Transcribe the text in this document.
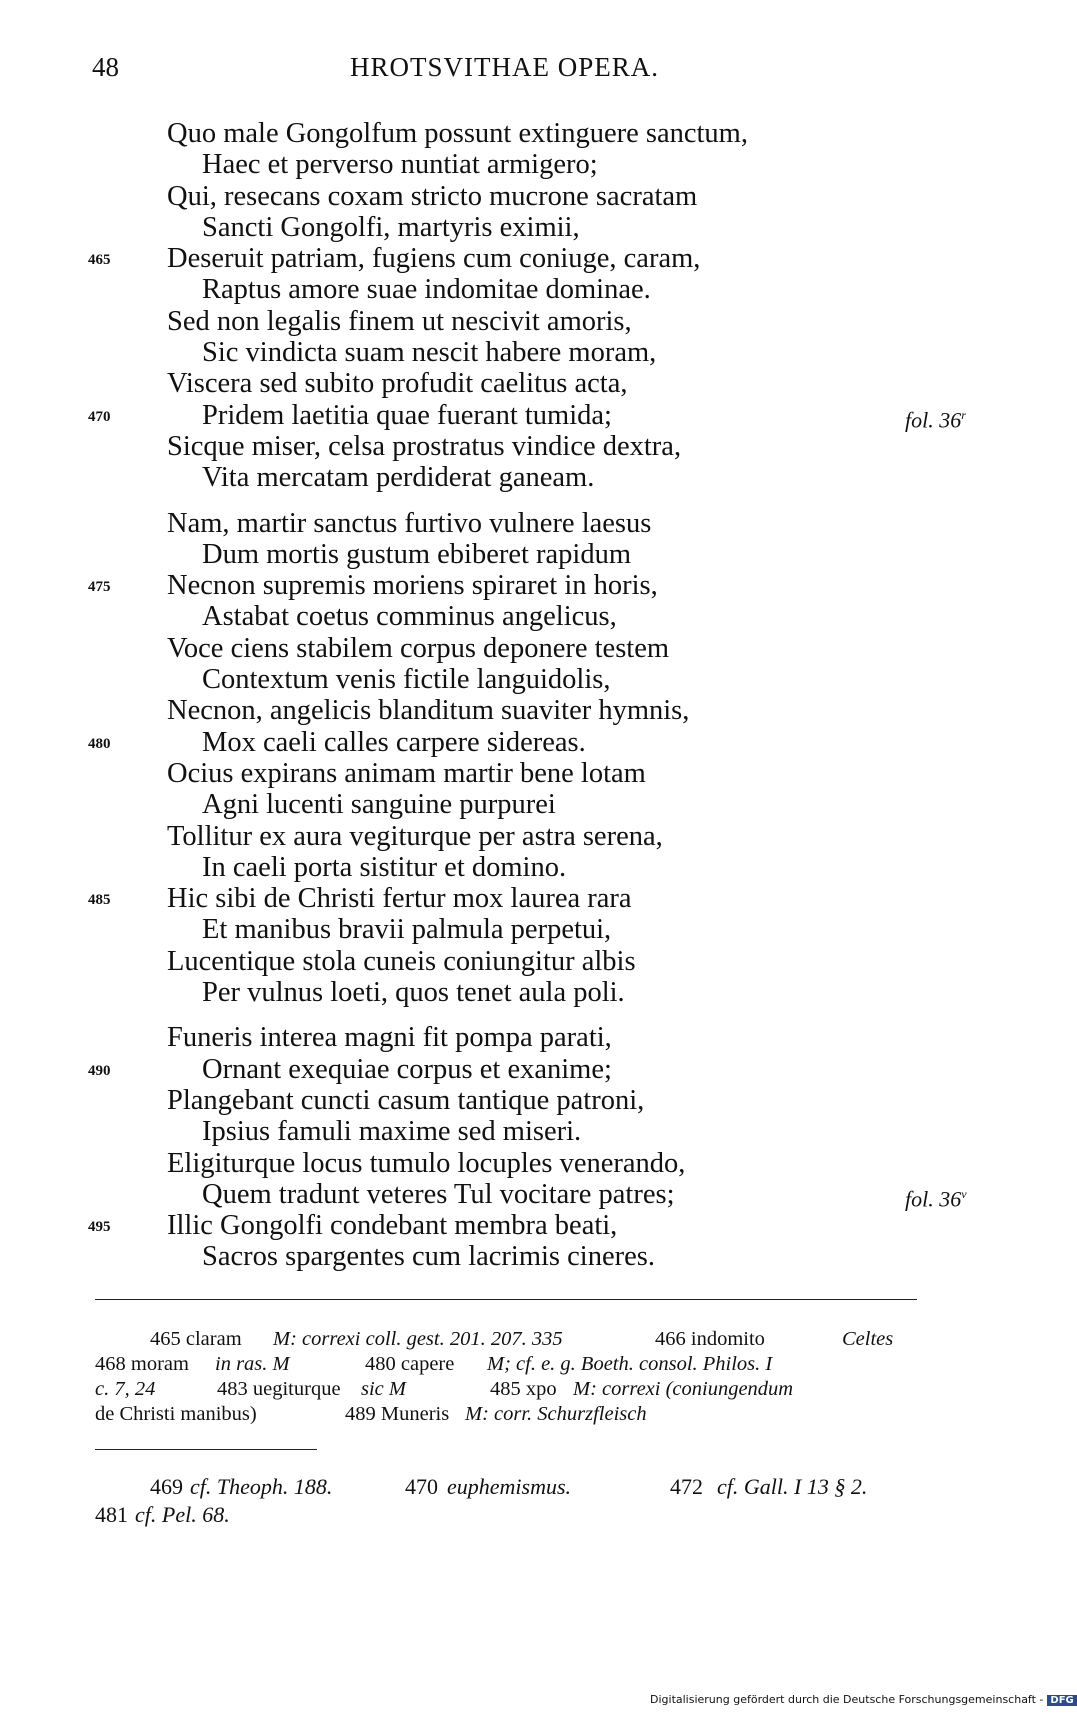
48	HROTSVITHAE OPERA.
Quo male Gongolfum possunt extinguere sanctum,
Haec et perverso nuntiat armigero;
Qui, resecans coxam stricto mucrone sacratam
Sancti Gongolfi, martyris eximii,
465 Deseruit patriam, fugiens cum coniuge, caram,
Raptus amore suae indomitae dominae.
Sed non legalis finem ut nescivit amoris,
Sic vindicta suam nescit habere moram,
Viscera sed subito profudit caelitus acta,
470	Pridem laetitia quae fuerant tumida;	fol. 36$^r$
Sicque miser, celsa prostratus vindice dextra,
Vita mercatam perdiderat ganeam.
Nam, martir sanctus furtivo vulnere laesus
Dum mortis gustum ebiberet rapidum
475 Necnon supremis moriens spiraret in horis,
Astabat coetus comminus angelicus,
Voce ciens stabilem corpus deponere testem
Contextum venis fictile languidolis,
Necnon, angelicis blanditum suaviter hymnis,
480	Mox caeli calles carpere sidereas.
Ocius expirans animam martir bene lotam
Agni lucenti sanguine purpurei
Tollitur ex aura vegiturque per astra serena,
In caeli porta sistitur et domino.
485 Hic sibi de Christi fertur mox laurea rara
Et manibus bravii palmula perpetui,
Lucentique stola cuneis coniungitur albis
Per vulnus loeti, quos tenet aula poli.
Funeris interea magni fit pompa parati,
490	Ornant exequiae corpus et exanime;
Plangebant cuncti casum tantique patroni,
Ipsius famuli maxime sed miseri.
Eligiturque locus tumulo locuples venerando,
Quem tradunt veteres Tul vocitare patres;	fol. 36$^v$
495 Illic Gongolfi condebant membra beati,
Sacros spargentes cum lacrimis cineres.
465 claram M: correxi coll. gest. 201. 207. 335	466 indomito	Celtes
468 moram in ras. M	480 capere M; cf. e. g. Boeth. consol. Philos. I
c. 7, 24	483 uegiturque sic M	485 xpo M: correxi (coniungendum
de Christi manibus)	489 Muneris M: corr. Schurzfleisch
469 cf. Theoph. 188.	470 euphemismus.	472 cf. Gall. I 13 § 2.
481 cf. Pel. 68.
Digitalisierung gefördert durch die Deutsche Forschungsgemeinschaft - DFG
